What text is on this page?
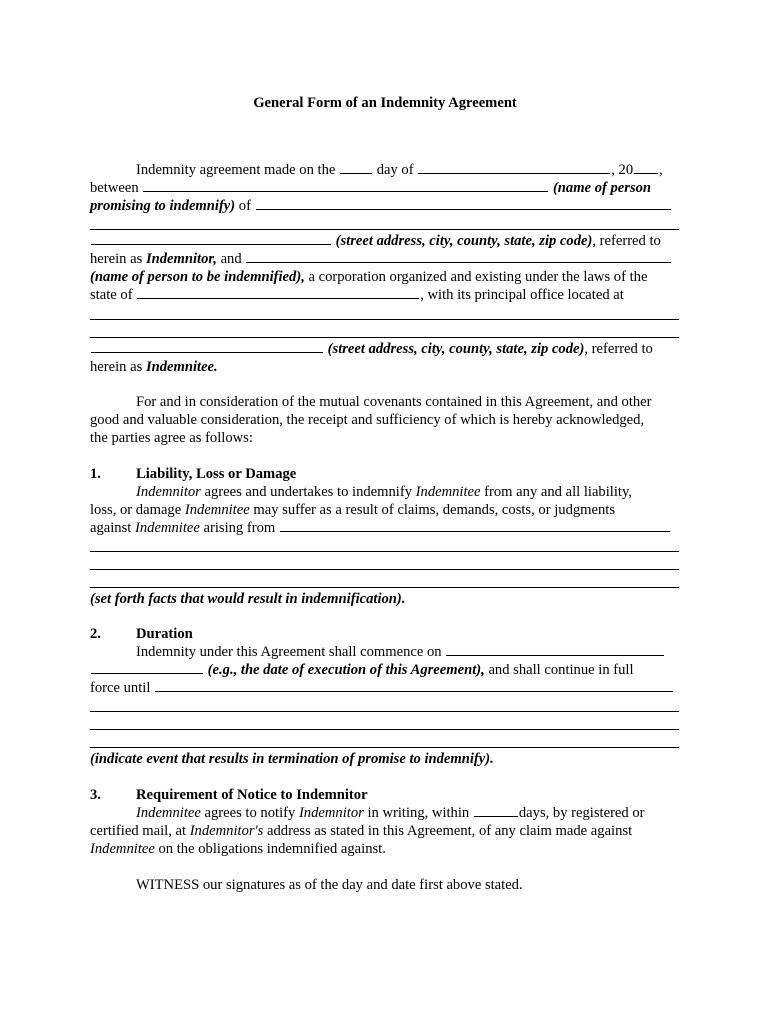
General Form of an Indemnity Agreement
Indemnity agreement made on the	day of	, 20 ,
between	(name of person
promising to indemnify) of
(street address, city, county, state, zip code), referred to
herein as Indemnitor, and
(name of person to be indemnified), a corporation organized and existing under the laws of the
state of	, with its principal office located at
(street address, city, county, state, zip code), referred to
herein as Indemnitee.
For and in consideration of the mutual covenants contained in this Agreement, and other
good and valuable consideration, the receipt and sufficiency of which is hereby acknowledged,
the parties agree as follows:
1. Liability, Loss or Damage
Indemnitor agrees and undertakes to indemnify Indemnitee from any and all liability,
loss, or damage Indemnitee may suffer as a result of claims, demands, costs, or judgments
against Indemnitee arising from
(set forth facts that would result in indemnification).
2. Duration
Indemnity under this Agreement shall commence on
(e.g., the date of execution of this Agreement), and shall continue in full
force until
(indicate event that results in termination of promise to indemnify).
3. Requirement of Notice to Indemnitor
Indemnitee agrees to notify Indemnitor in writing, within	days, by registered or
certified mail, at Indemnitor's address as stated in this Agreement, of any claim made against
Indemnitee on the obligations indemnified against.
WITNESS our signatures as of the day and date first above stated.
